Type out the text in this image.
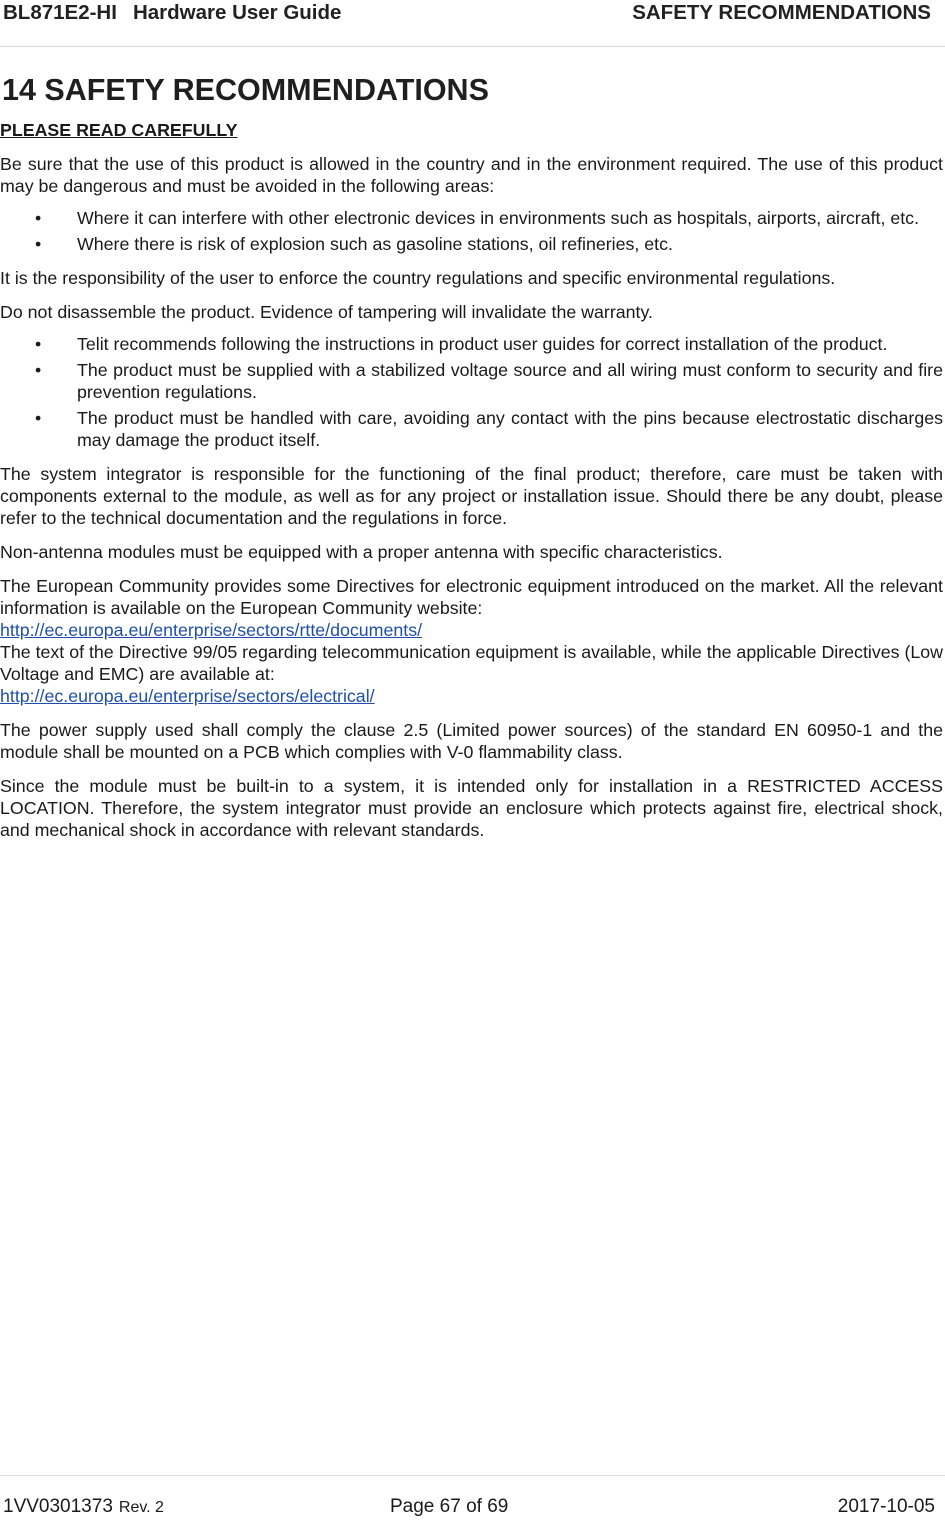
BL871E2-HI Hardware User Guide	SAFETY RECOMMENDATIONS
14 SAFETY RECOMMENDATIONS
PLEASE READ CAREFULLY

Be sure that the use of this product is allowed in the country and in the environment required. The use of this product may be dangerous and must be avoided in the following areas:

• Where it can interfere with other electronic devices in environments such as hospitals, airports, aircraft, etc.
• Where there is risk of explosion such as gasoline stations, oil refineries, etc.

It is the responsibility of the user to enforce the country regulations and specific environmental regulations.

Do not disassemble the product. Evidence of tampering will invalidate the warranty.

• Telit recommends following the instructions in product user guides for correct installation of the product.
• The product must be supplied with a stabilized voltage source and all wiring must conform to security and fire prevention regulations.
• The product must be handled with care, avoiding any contact with the pins because electrostatic discharges may damage the product itself.

The system integrator is responsible for the functioning of the final product; therefore, care must be taken with components external to the module, as well as for any project or installation issue. Should there be any doubt, please refer to the technical documentation and the regulations in force.

Non-antenna modules must be equipped with a proper antenna with specific characteristics.

The European Community provides some Directives for electronic equipment introduced on the market. All the relevant information is available on the European Community website:

http://ec.europa.eu/enterprise/sectors/rtte/documents/

The text of the Directive 99/05 regarding telecommunication equipment is available, while the applicable Directives (Low Voltage and EMC) are available at:

http://ec.europa.eu/enterprise/sectors/electrical/

The power supply used shall comply the clause 2.5 (Limited power sources) of the standard EN 60950-1 and the module shall be mounted on a PCB which complies with V-0 flammability class.

Since the module must be built-in to a system, it is intended only for installation in a RESTRICTED ACCESS LOCATION. Therefore, the system integrator must provide an enclosure which protects against fire, electrical shock, and mechanical shock in accordance with relevant standards.

1VV0301373 Rev. 2	Page 67 of 69	2017-10-05
